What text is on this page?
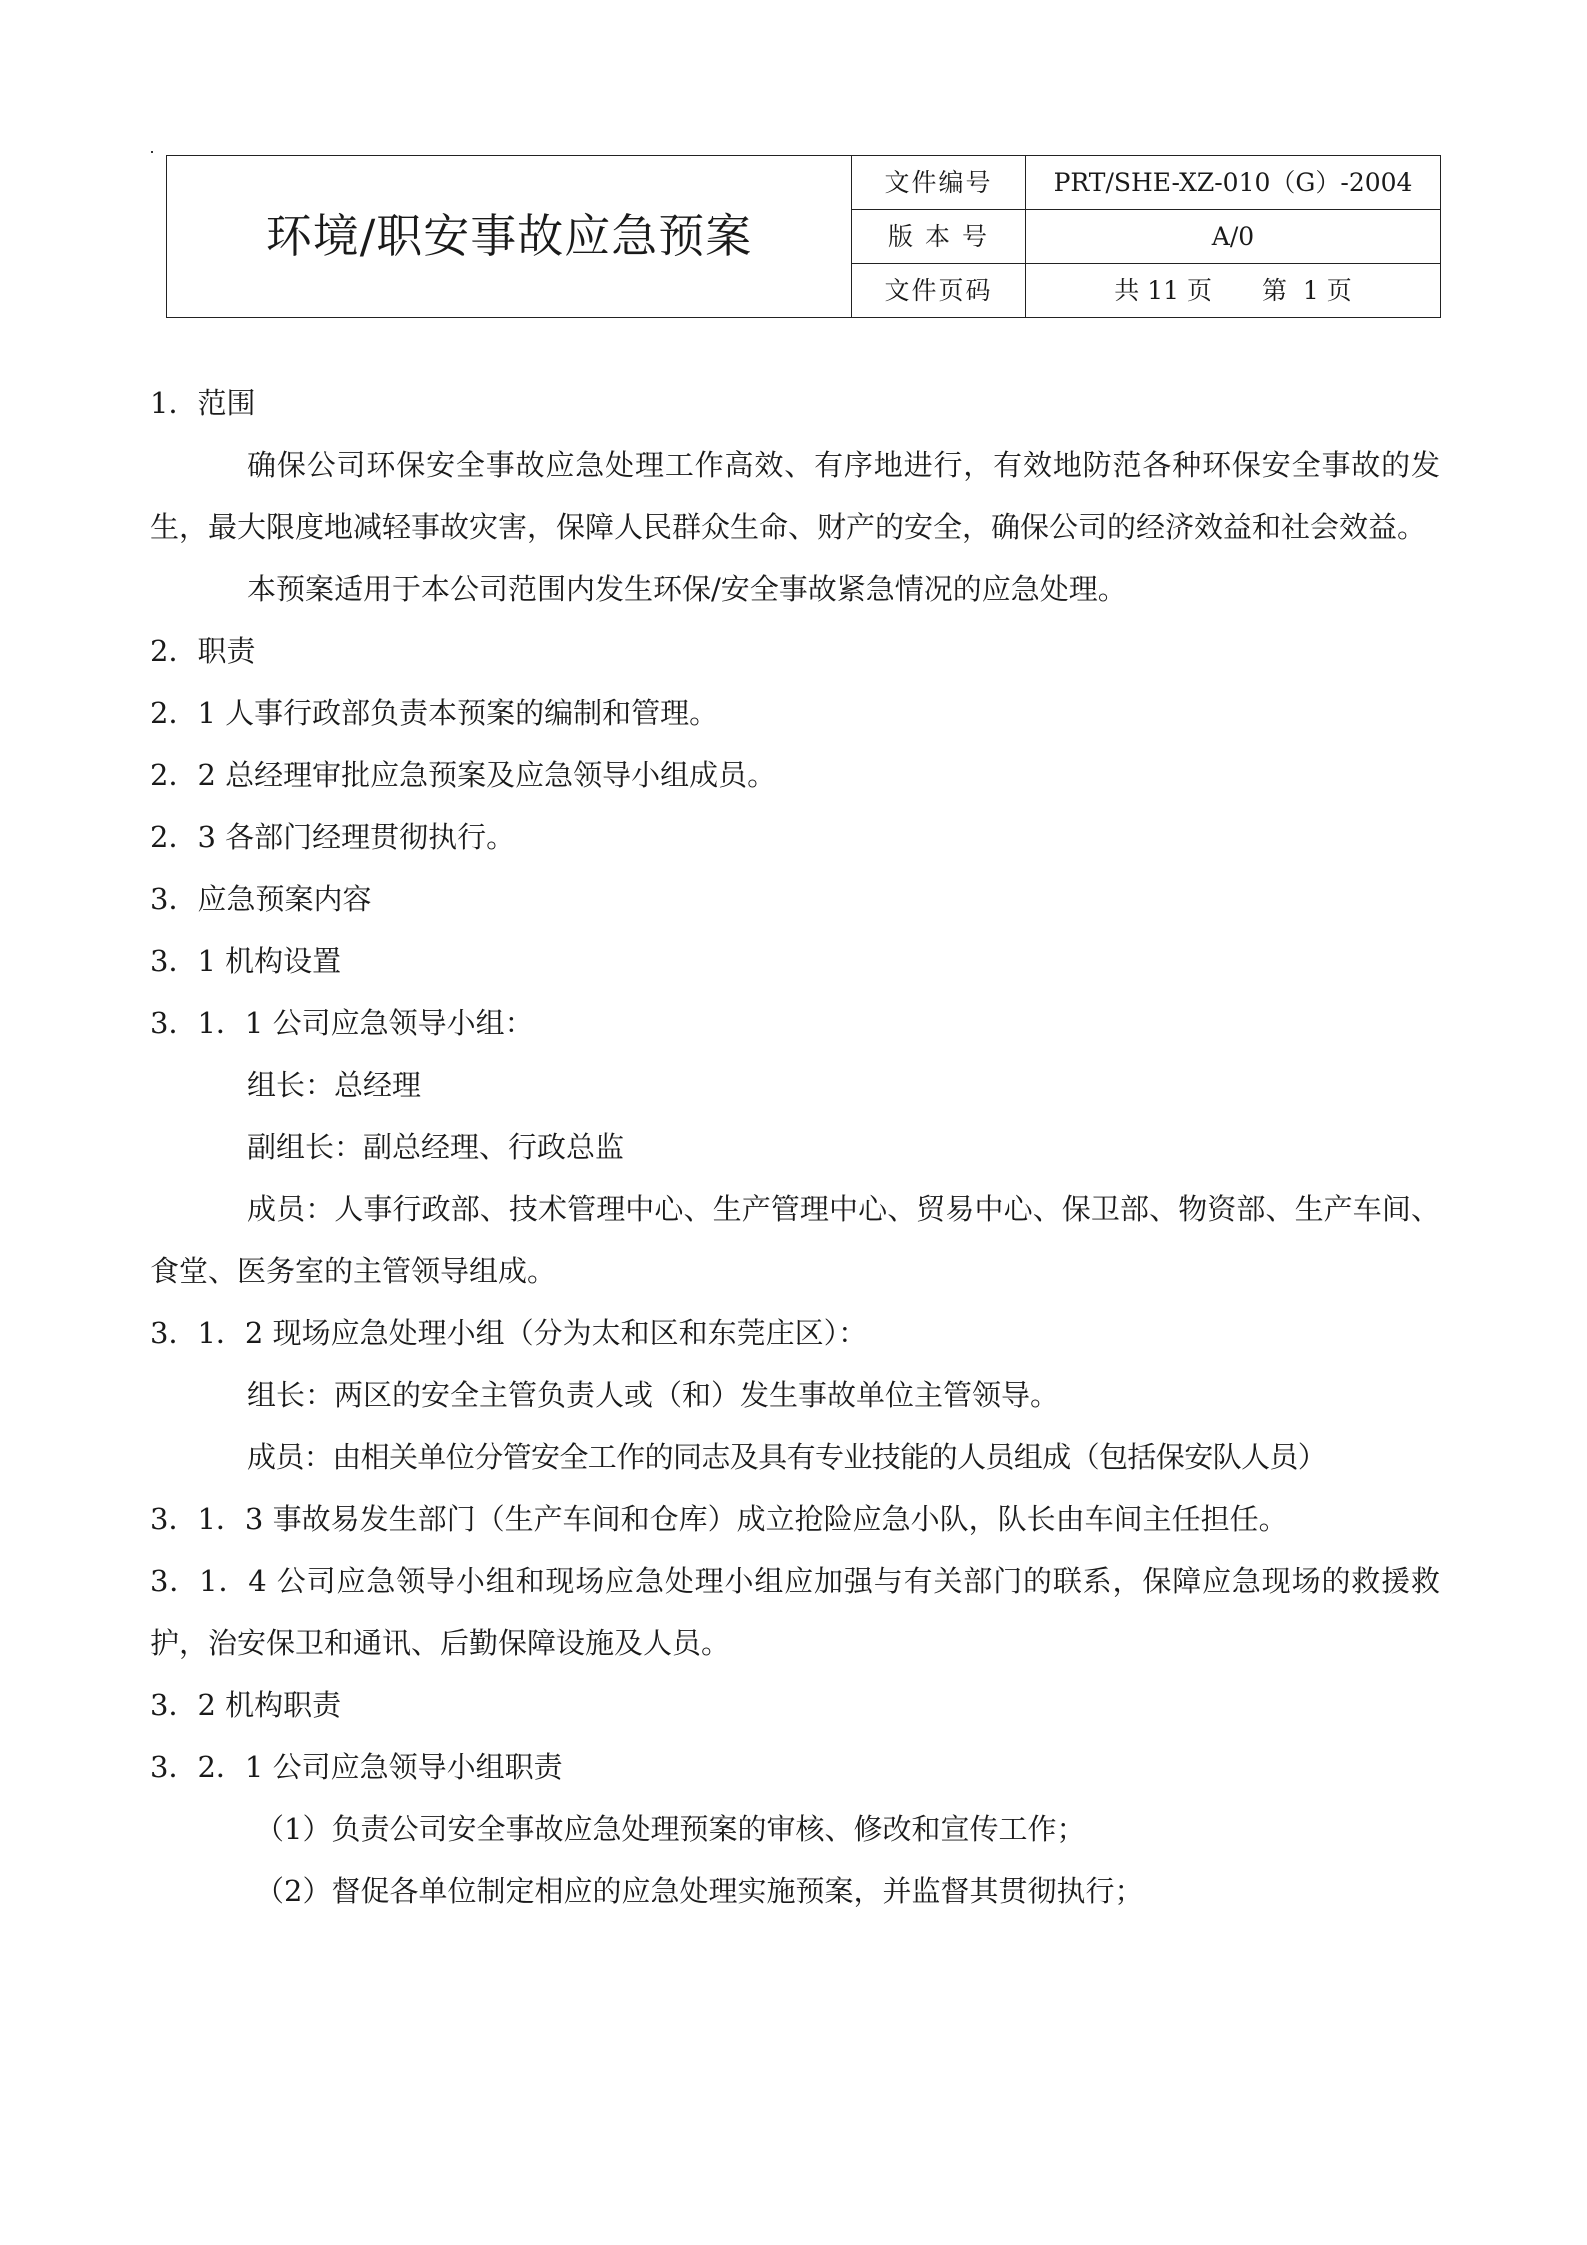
环境/职安事故应急预案	文件编号	PRT/SHE-XZ-010（G）-2004
	版 本 号	A/0
	文件页码	共 11 页　　第  1 页

1．范围

确保公司环保安全事故应急处理工作高效、有序地进行，有效地防范各种环保安全事故的发生，最大限度地减轻事故灾害，保障人民群众生命、财产的安全，确保公司的经济效益和社会效益。

本预案适用于本公司范围内发生环保/安全事故紧急情况的应急处理。

2．职责

2．1 人事行政部负责本预案的编制和管理。

2．2 总经理审批应急预案及应急领导小组成员。

2．3 各部门经理贯彻执行。

3．应急预案内容

3．1 机构设置

3．1．1 公司应急领导小组：

组长：总经理

副组长：副总经理、行政总监

成员：人事行政部、技术管理中心、生产管理中心、贸易中心、保卫部、物资部、生产车间、食堂、医务室的主管领导组成。

3．1．2 现场应急处理小组（分为太和区和东莞庄区）：

组长：两区的安全主管负责人或（和）发生事故单位主管领导。

成员：由相关单位分管安全工作的同志及具有专业技能的人员组成（包括保安队人员）

3．1．3 事故易发生部门（生产车间和仓库）成立抢险应急小队，队长由车间主任担任。

3．1．4 公司应急领导小组和现场应急处理小组应加强与有关部门的联系，保障应急现场的救援救护，治安保卫和通讯、后勤保障设施及人员。

3．2 机构职责

3．2．1 公司应急领导小组职责

（1）负责公司安全事故应急处理预案的审核、修改和宣传工作；

（2）督促各单位制定相应的应急处理实施预案，并监督其贯彻执行；
